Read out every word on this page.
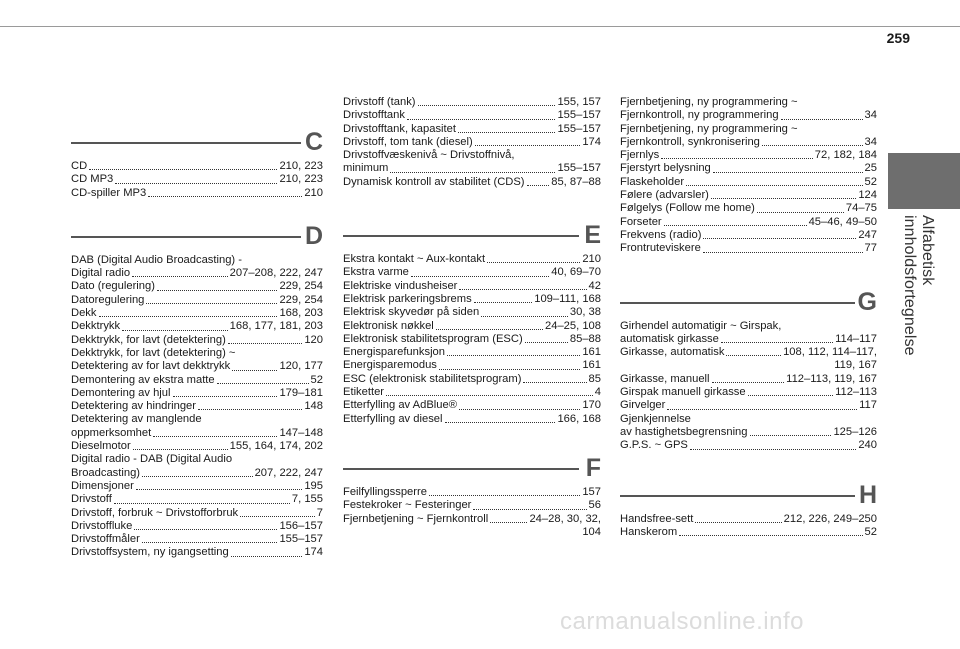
259
Alfabetisk innholdsfortegnelse
C
CD	210, 223
CD MP3	210, 223
CD-spiller MP3	210
D
DAB (Digital Audio Broadcasting) -
Digital radio	207–208, 222, 247
Dato (regulering)	229, 254
Datoregulering	229, 254
Dekk	168, 203
Dekktrykk	168, 177, 181, 203
Dekktrykk, for lavt (detektering)	120
Dekktrykk, for lavt (detektering) ~
Detektering av for lavt dekktrykk	120, 177
Demontering av ekstra matte	52
Demontering av hjul	179–181
Detektering av hindringer	148
Detektering av manglende
oppmerksomhet	147–148
Dieselmotor	155, 164, 174, 202
Digital radio - DAB (Digital Audio
Broadcasting)	207, 222, 247
Dimensjoner	195
Drivstoff	7, 155
Drivstoff, forbruk ~ Drivstofforbruk	7
Drivstoffluke	156–157
Drivstoffmåler	155–157
Drivstoffsystem, ny igangsetting	174
Drivstoff (tank)	155, 157
Drivstofftank	155–157
Drivstofftank, kapasitet	155–157
Drivstoff, tom tank (diesel)	174
Drivstoffvæskenivå ~ Drivstoffnivå,
minimum	155–157
Dynamisk kontroll av stabilitet (CDS) 85, 87–88
E
Ekstra kontakt ~ Aux-kontakt	210
Ekstra varme	40, 69–70
Elektriske vindusheiser	42
Elektrisk parkeringsbrems	109–111, 168
Elektrisk skyvedør på siden	30, 38
Elektronisk nøkkel	24–25, 108
Elektronisk stabilitetsprogram (ESC)	85–88
Energisparefunksjon	161
Energisparemodus	161
ESC (elektronisk stabilitetsprogram)	85
Etiketter	4
Etterfylling av AdBlue®	170
Etterfylling av diesel	166, 168
F
Feilfyllingssperre	157
Festekroker ~ Festeringer	56
Fjernbetjening ~ Fjernkontroll	24–28, 30, 32,
104
Fjernbetjening, ny programmering ~
Fjernkontroll, ny programmering	34
Fjernbetjening, ny programmering ~
Fjernkontroll, synkronisering	34
Fjernlys	72, 182, 184
Fjerstyrt belysning	25
Flaskeholder	52
Følere (advarsler)	124
Følgelys (Follow me home)	74–75
Forseter	45–46, 49–50
Frekvens (radio)	247
Frontruteviskere	77
G
Girhendel automatigir ~ Girspak,
automatisk girkasse	114–117
Girkasse, automatisk	108, 112, 114–117,
119, 167
Girkasse, manuell	112–113, 119, 167
Girspak manuell girkasse	112–113
Girvelger	117
Gjenkjennelse
av hastighetsbegrensning	125–126
G.P.S. ~ GPS	240
H
Handsfree-sett	212, 226, 249–250
Hanskerom	52
carmanualsonline.info
